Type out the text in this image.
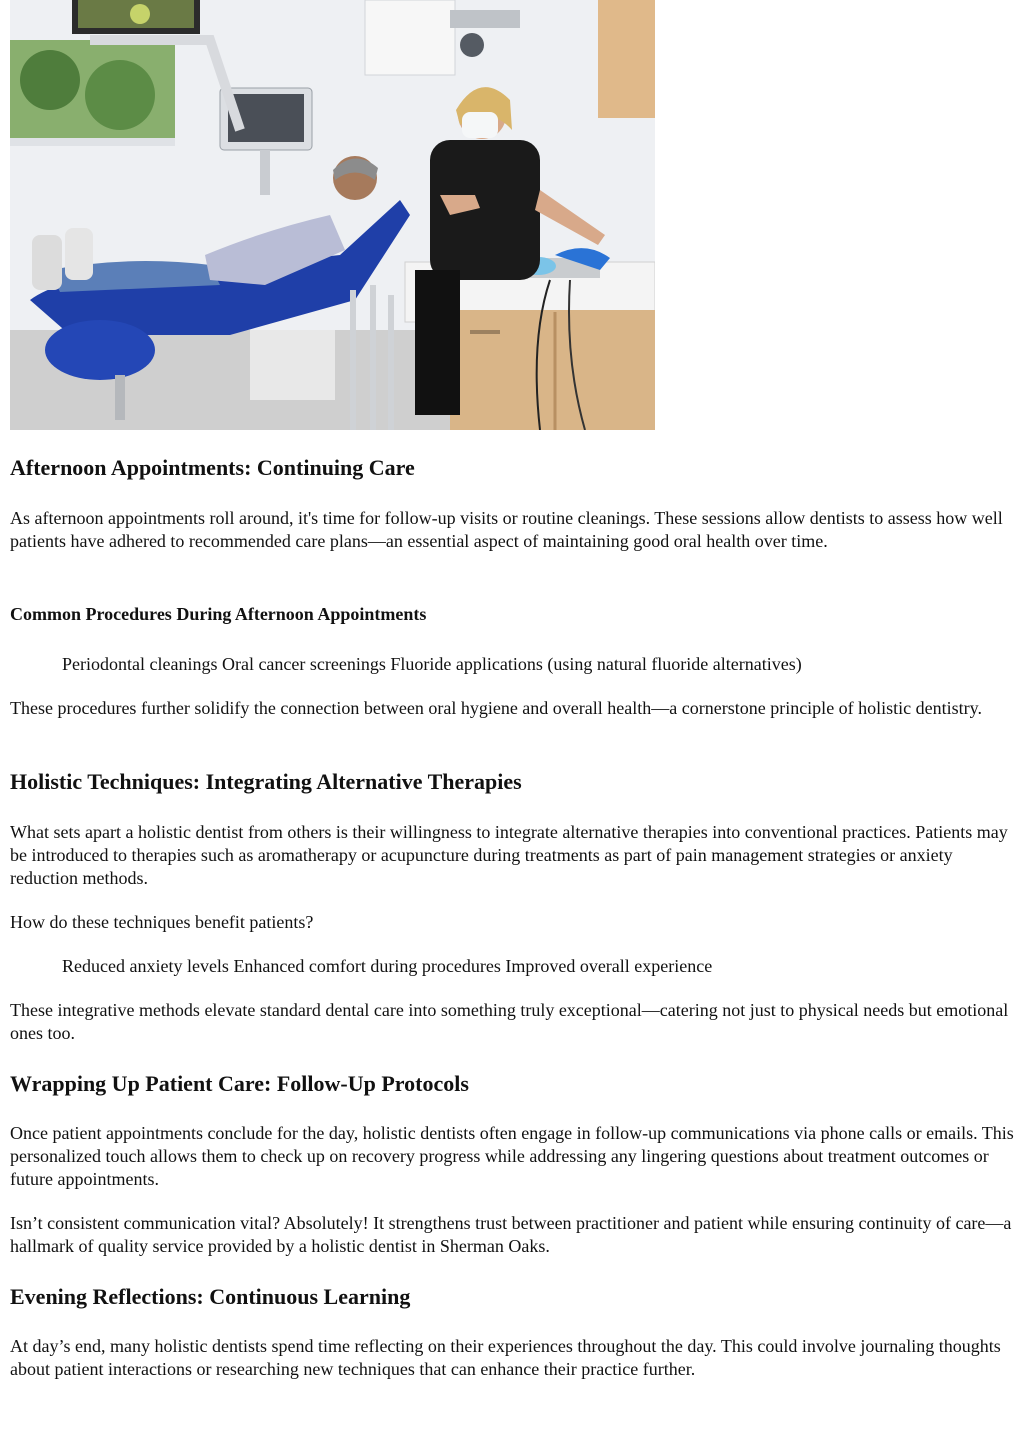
Afternoon Appointments: Continuing Care

As afternoon appointments roll around, it's time for follow-up visits or routine cleanings. These sessions allow dentists to assess how well patients have adhered to recommended care plans—an essential aspect of maintaining good oral health over time.

Common Procedures During Afternoon Appointments
Periodontal cleanings Oral cancer screenings Fluoride applications (using natural fluoride alternatives)

These procedures further solidify the connection between oral hygiene and overall health—a cornerstone principle of holistic dentistry.

Holistic Techniques: Integrating Alternative Therapies

What sets apart a holistic dentist from others is their willingness to integrate alternative therapies into conventional practices. Patients may be introduced to therapies such as aromatherapy or acupuncture during treatments as part of pain management strategies or anxiety reduction methods.

How do these techniques benefit patients?

Reduced anxiety levels Enhanced comfort during procedures Improved overall experience

These integrative methods elevate standard dental care into something truly exceptional—catering not just to physical needs but emotional ones too.

Wrapping Up Patient Care: Follow-Up Protocols

Once patient appointments conclude for the day, holistic dentists often engage in follow-up communications via phone calls or emails. This personalized touch allows them to check up on recovery progress while addressing any lingering questions about treatment outcomes or future appointments.

Isn’t consistent communication vital? Absolutely! It strengthens trust between practitioner and patient while ensuring continuity of care—a hallmark of quality service provided by a holistic dentist in Sherman Oaks.

Evening Reflections: Continuous Learning

At day’s end, many holistic dentists spend time reflecting on their experiences throughout the day. This could involve journaling thoughts about patient interactions or researching new techniques that can enhance their practice further.
